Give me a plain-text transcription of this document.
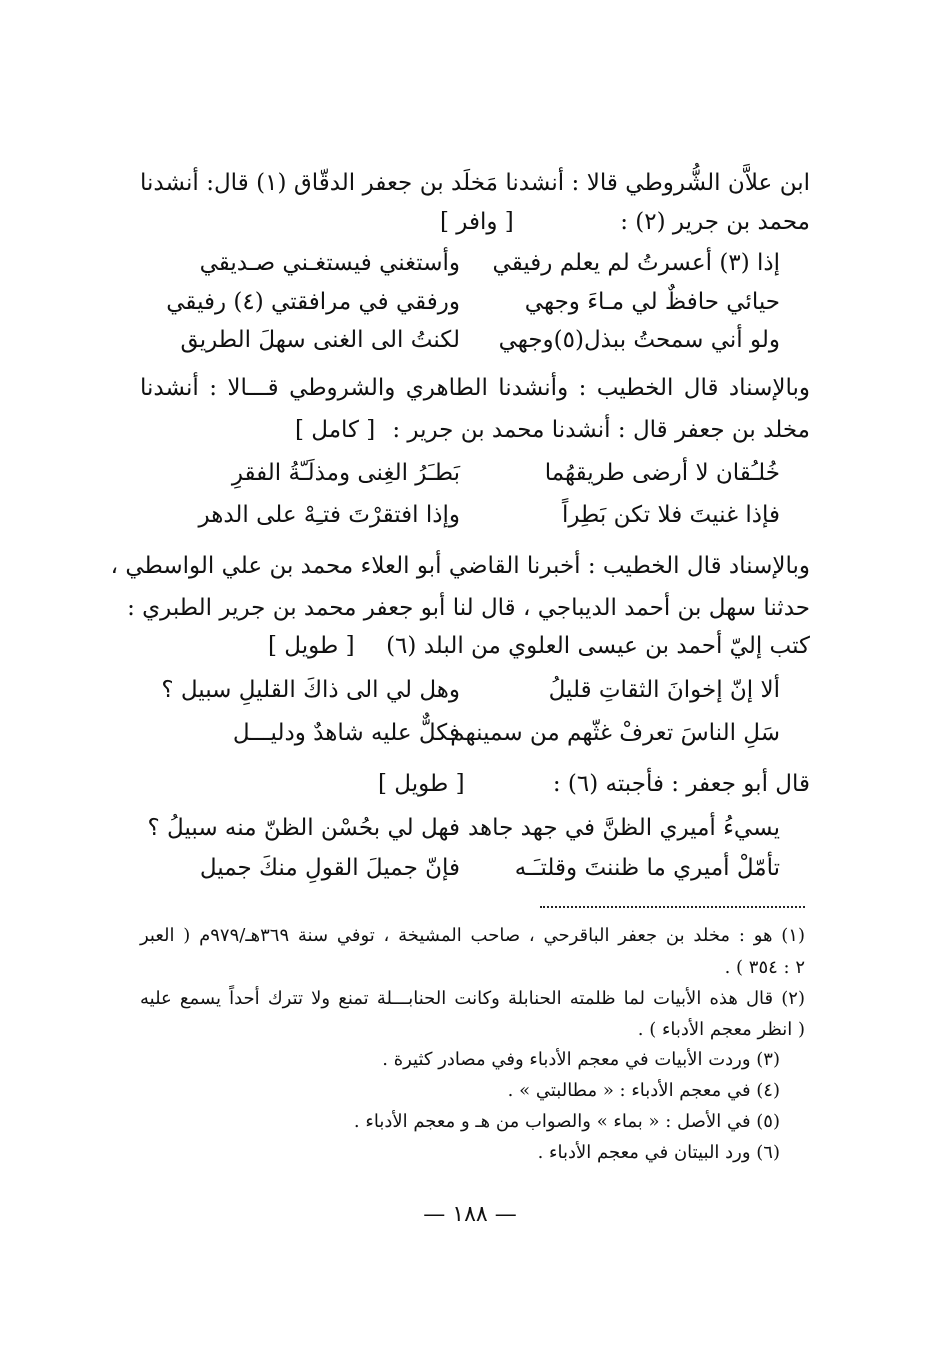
ابن علاَّن الشُّروطي قالا : أنشدنا مَخلَد بن جعفر الدقّاق (١) قال: أنشدنا
محمد بن جرير (٢) :
[ وافر ]
إذا (٣) أعسرتُ لم يعلم رفيقي
وأستغني فيستغـني صـديقي
حيائي حافظٌ لي مـاءَ وجهي
ورفقي في مرافقتي (٤) رفيقي
ولو أني سمحتُ ببذل(٥)وجهي
لكنتُ الى الغنى سهلَ الطريق
وبالإسناد قال الخطيب : وأنشدنا الطاهري والشروطي قـــالا : أنشدنا
مخلد بن جعفر قال : أنشدنا محمد بن جرير :
[ كامل ]
خُلـُقان لا أرضى طريقهُما
بَطـَرُ الغِنى ومذلَـّةُ الفقرِ
فإذا غنيتَ فلا تكن بَطِراً
وإذا افتقرْتَ فتـِهْ على الدهر
وبالإسناد قال الخطيب : أخبرنا القاضي أبو العلاء محمد بن علي الواسطي ،
حدثنا سهل بن أحمد الديباجي ، قال لنا أبو جعفر محمد بن جرير الطبري :
كتب إليّ أحمد بن عيسى العلوي من البلد (٦)
[ طويل ]
ألا إنّ إخوانَ الثقاتِ قليلُ
وهل لي الى ذاكَ القليلِ سبيل ؟
سَلِ الناسَ تعرفْ غثّهم من سمينهم
فكلٌّ عليه شاهدٌ ودليـــل
قال أبو جعفر : فأجبته (٦) :
[ طويل ]
يسيءُ أميري الظنَّ في جهد جاهد
فهل لي بحُسْن الظنّ منه سبيلُ ؟
تأمّلْ أميري ما ظننتَ وقلتـَـه
فإنّ جميلَ القولِ منكَ جميل
(١) هو : مخلد بن جعفر الباقرحي ، صاحب المشيخة ، توفي سنة ٣٦٩هـ/٩٧٩م ( العبر
٢ : ٣٥٤ ) .
(٢) قال هذه الأبيات لما ظلمته الحنابلة وكانت الحنابـــلة تمنع ولا تترك أحداً يسمع عليه
( انظر معجم الأدباء ) .
(٣) وردت الأبيات في معجم الأدباء وفي مصادر كثيرة .
(٤) في معجم الأدباء : « مطالبتي » .
(٥) في الأصل : « بماء » والصواب من هـ و معجم الأدباء .
(٦) ورد البيتان في معجم الأدباء .
— ١٨٨ —
